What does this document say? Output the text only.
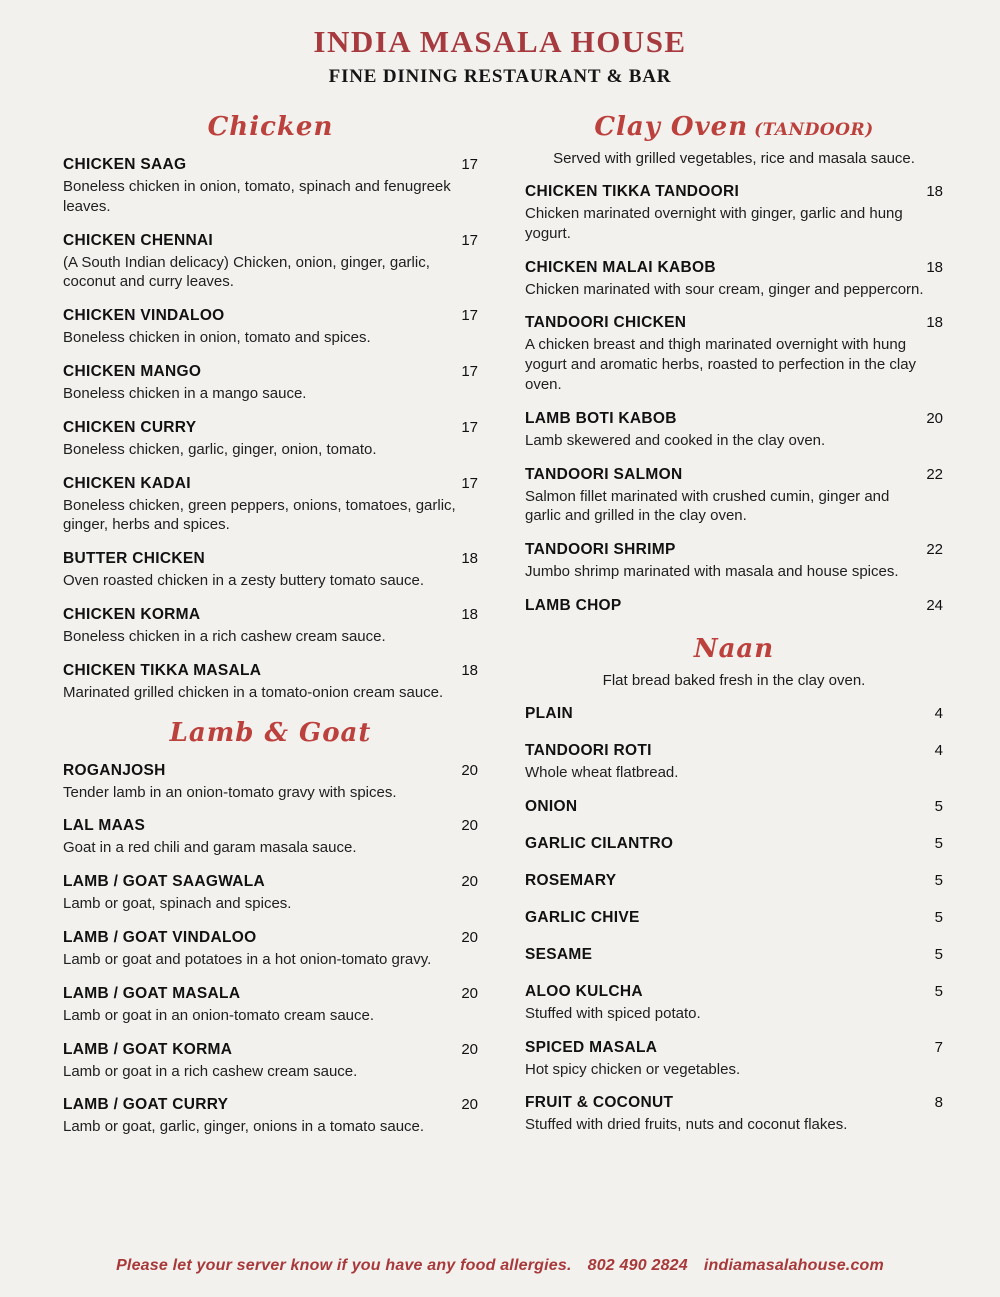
INDIA MASALA HOUSE
FINE DINING RESTAURANT & BAR
Chicken
CHICKEN SAAG	17

Boneless chicken in onion, tomato, spinach and fenugreek leaves.

CHICKEN CHENNAI	17

(A South Indian delicacy) Chicken, onion, ginger, garlic, coconut and curry leaves.

CHICKEN VINDALOO	17

Boneless chicken in onion, tomato and spices.

CHICKEN MANGO	17

Boneless chicken in a mango sauce.

CHICKEN CURRY	17

Boneless chicken, garlic, ginger, onion, tomato.

CHICKEN KADAI	17

Boneless chicken, green peppers, onions, tomatoes, garlic, ginger, herbs and spices.

BUTTER CHICKEN	18

Oven roasted chicken in a zesty buttery tomato sauce.

CHICKEN KORMA	18

Boneless chicken in a rich cashew cream sauce.

CHICKEN TIKKA MASALA	18

Marinated grilled chicken in a tomato-onion cream sauce.

Lamb & Goat
ROGANJOSH	20

Tender lamb in an onion-tomato gravy with spices.

LAL MAAS	20

Goat in a red chili and garam masala sauce.

LAMB / GOAT SAAGWALA	20

Lamb or goat, spinach and spices.

LAMB / GOAT VINDALOO	20

Lamb or goat and potatoes in a hot onion-tomato gravy.

LAMB / GOAT MASALA	20

Lamb or goat in an onion-tomato cream sauce.

LAMB / GOAT KORMA	20

Lamb or goat in a rich cashew cream sauce.

LAMB / GOAT CURRY	20

Lamb or goat, garlic, ginger, onions in a tomato sauce.

Clay Oven (TANDOOR)

Served with grilled vegetables, rice and masala sauce.

CHICKEN TIKKA TANDOORI	18

Chicken marinated overnight with ginger, garlic and hung yogurt.

CHICKEN MALAI KABOB	18

Chicken marinated with sour cream, ginger and peppercorn.

TANDOORI CHICKEN	18

A chicken breast and thigh marinated overnight with hung yogurt and aromatic herbs, roasted to perfection in the clay oven.

LAMB BOTI KABOB	20

Lamb skewered and cooked in the clay oven.

TANDOORI SALMON	22

Salmon fillet marinated with crushed cumin, ginger and garlic and grilled in the clay oven.

TANDOORI SHRIMP	22

Jumbo shrimp marinated with masala and house spices.

LAMB CHOP	24
Naan

Flat bread baked fresh in the clay oven.

PLAIN	4
TANDOORI ROTI	4

Whole wheat flatbread.

ONION	5
GARLIC CILANTRO	5
ROSEMARY	5
GARLIC CHIVE	5
SESAME	5
ALOO KULCHA	5

Stuffed with spiced potato.

SPICED MASALA	7

Hot spicy chicken or vegetables.

FRUIT & COCONUT	8

Stuffed with dried fruits, nuts and coconut flakes.

Please let your server know if you have any food allergies. 802 490 2824 indiamasalahouse.com
